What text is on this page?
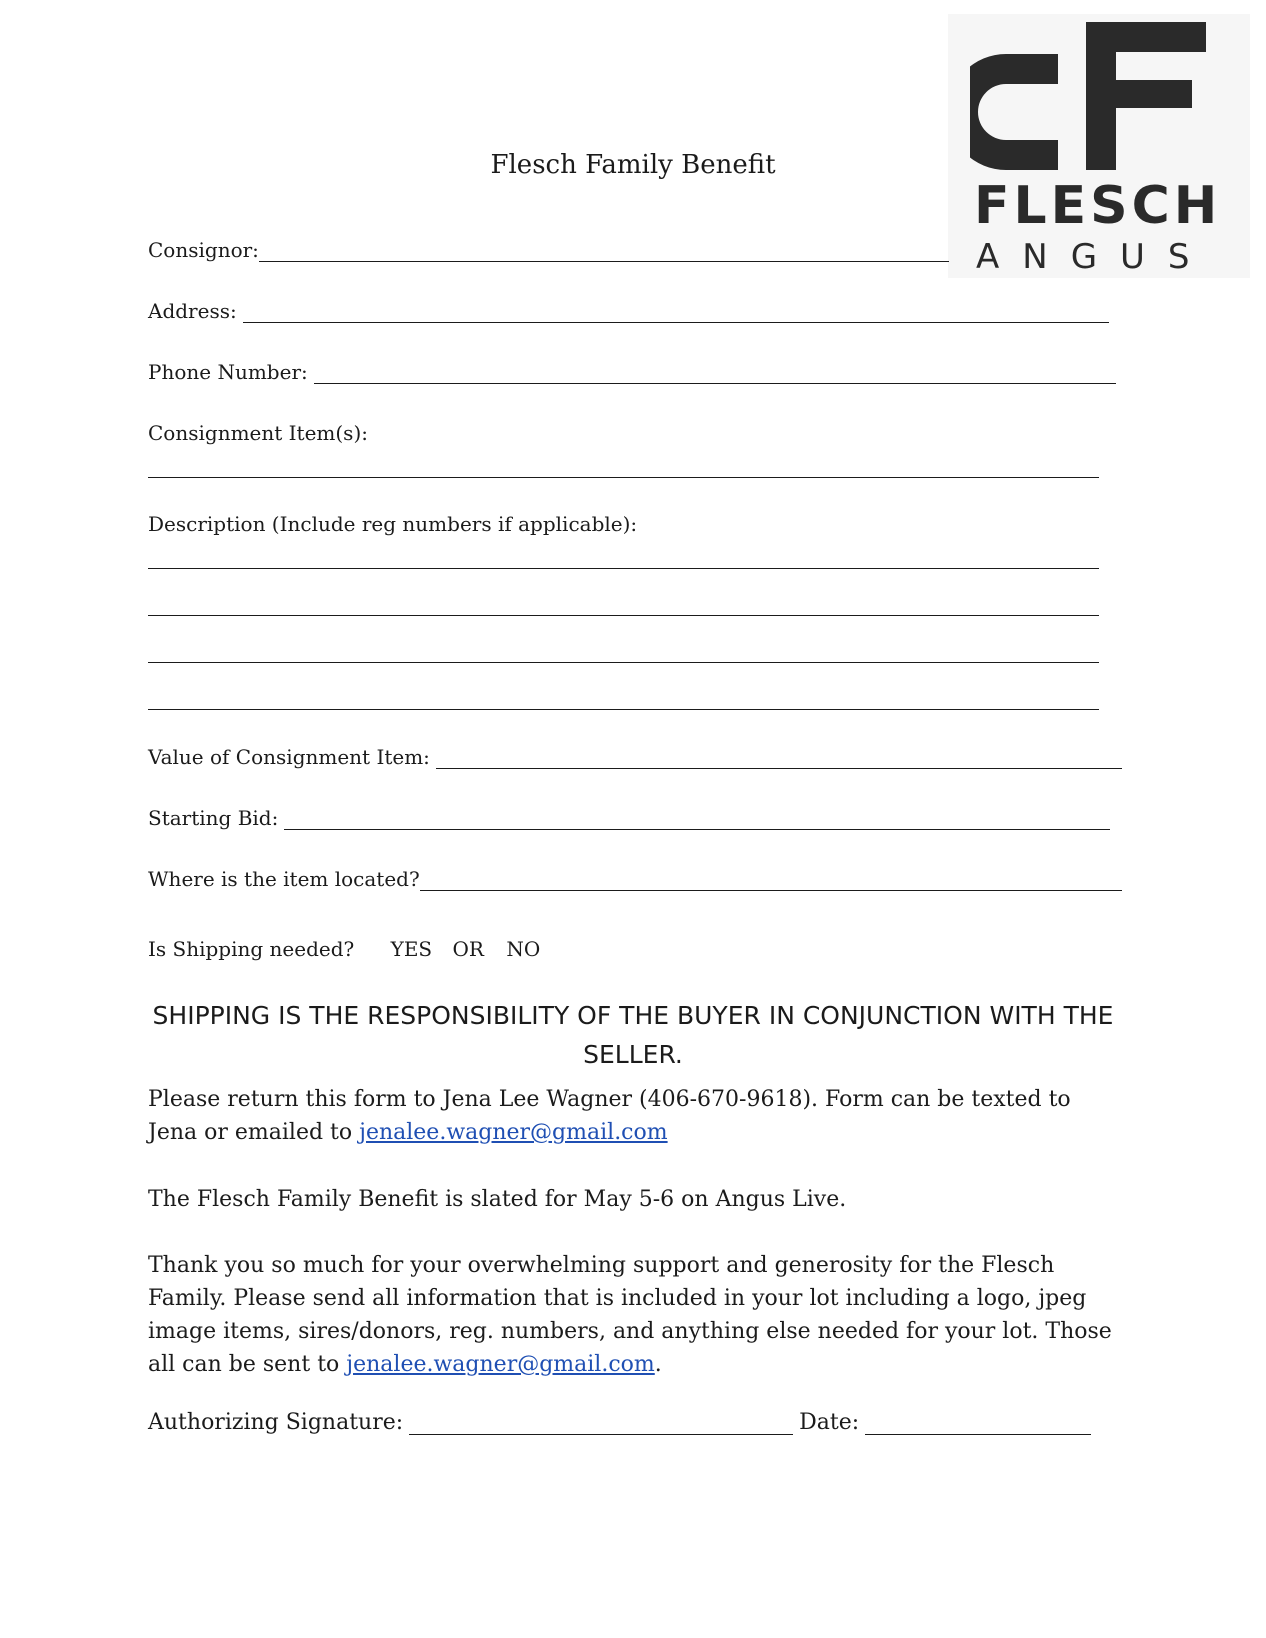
FLESCH
ANGUS
Flesch Family Benefit
Consignor:
Address:
Phone Number:
Consignment Item(s):
Description (Include reg numbers if applicable):
Value of Consignment Item:
Starting Bid:
Where is the item located?
Is Shipping needed? YES OR NO
SHIPPING IS THE RESPONSIBILITY OF THE BUYER IN CONJUNCTION WITH THE SELLER.
Please return this form to Jena Lee Wagner (406-670-9618). Form can be texted to Jena or emailed to jenalee.wagner@gmail.com
The Flesch Family Benefit is slated for May 5-6 on Angus Live.
Thank you so much for your overwhelming support and generosity for the Flesch Family. Please send all information that is included in your lot including a logo, jpeg image items, sires/donors, reg. numbers, and anything else needed for your lot. Those all can be sent to jenalee.wagner@gmail.com.
Authorizing Signature:	Date:
